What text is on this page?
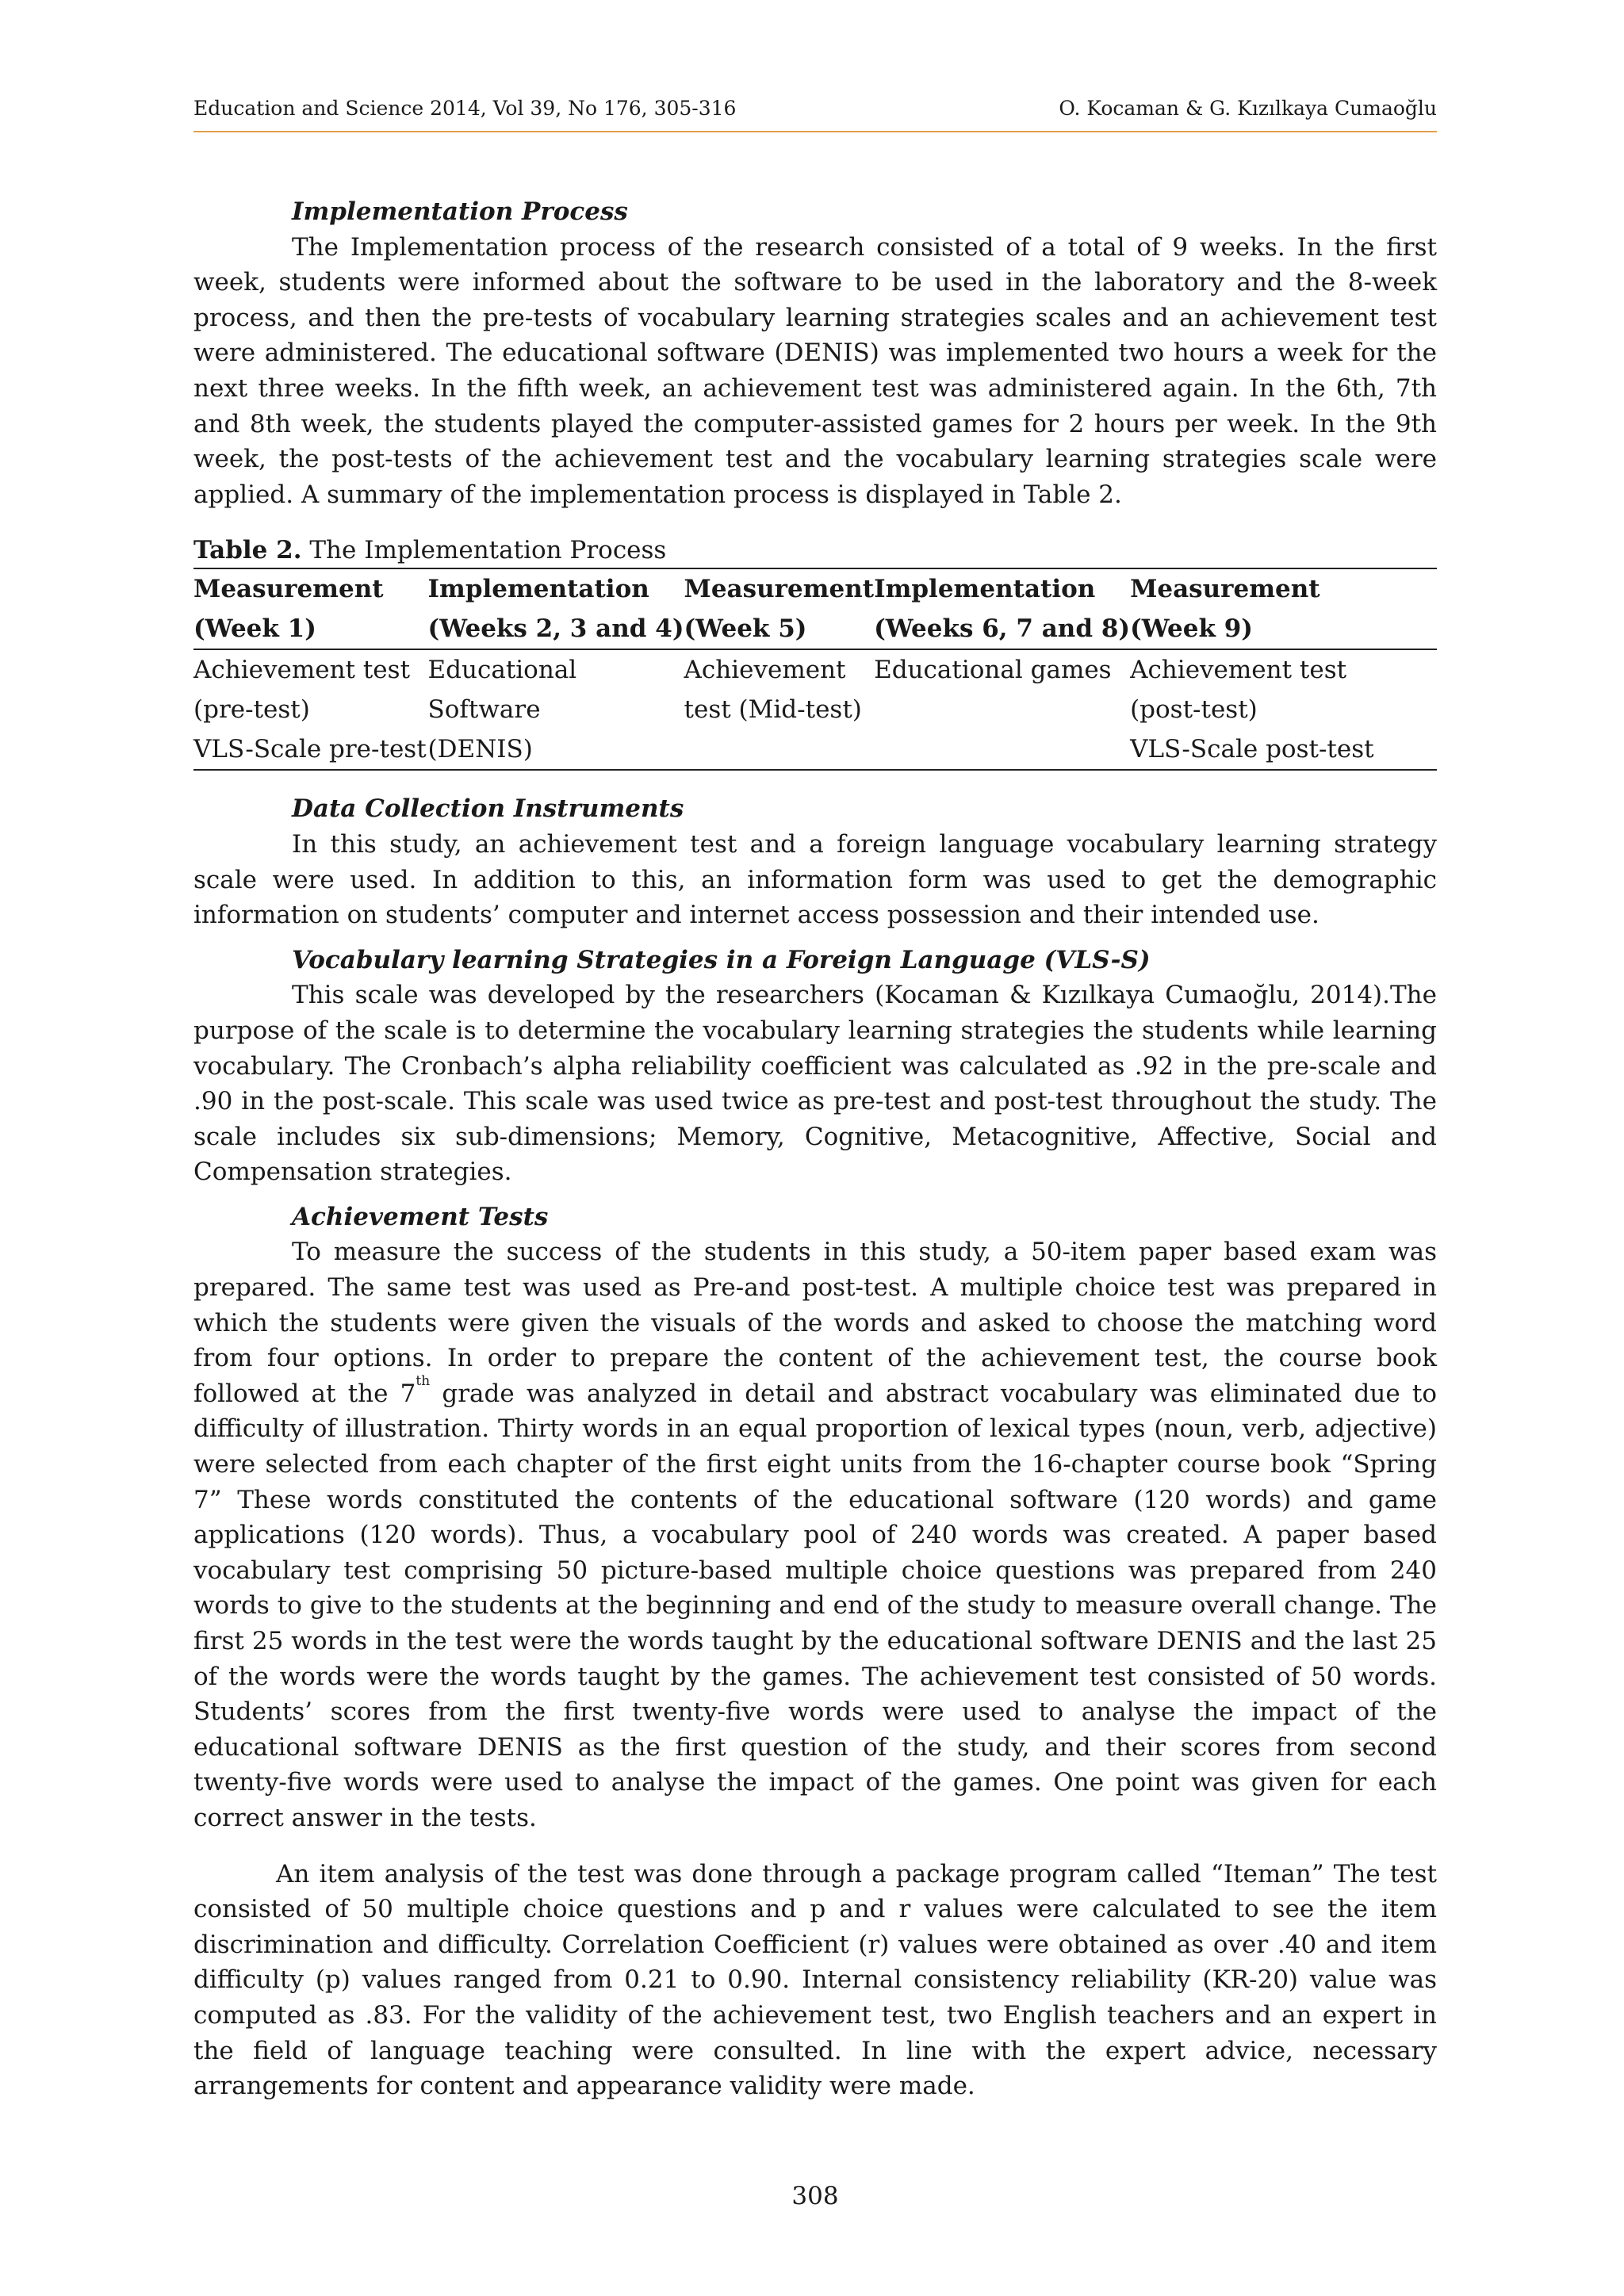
Education and Science 2014, Vol 39, No 176, 305-316	O. Kocaman & G. Kızılkaya Cumaoğlu
Implementation Process

The Implementation process of the research consisted of a total of 9 weeks. In the first week, students were informed about the software to be used in the laboratory and the 8-week process, and then the pre-tests of vocabulary learning strategies scales and an achievement test were administered. The educational software (DENIS) was implemented two hours a week for the next three weeks. In the fifth week, an achievement test was administered again. In the 6th, 7th and 8th week, the students played the computer-assisted games for 2 hours per week. In the 9th week, the post-tests of the achievement test and the vocabulary learning strategies scale were applied. A summary of the implementation process is displayed in Table 2.

Table 2. The Implementation Process
Measurement	Implementation	Measurement	Implementation	Measurement
(Week 1)	(Weeks 2, 3 and 4)	(Week 5)	(Weeks 6, 7 and 8)	(Week 9)
Achievement test	Educational	Achievement	Educational games	Achievement test
(pre-test)	Software	test (Mid-test)		(post-test)
VLS-Scale pre-test	(DENIS)			VLS-Scale post-test
Data Collection Instruments

In this study, an achievement test and a foreign language vocabulary learning strategy scale were used. In addition to this, an information form was used to get the demographic information on students’ computer and internet access possession and their intended use.

Vocabulary learning Strategies in a Foreign Language (VLS-S)

This scale was developed by the researchers (Kocaman & Kızılkaya Cumaoğlu, 2014).The purpose of the scale is to determine the vocabulary learning strategies the students while learning vocabulary. The Cronbach’s alpha reliability coefficient was calculated as .92 in the pre-scale and .90 in the post-scale. This scale was used twice as pre-test and post-test throughout the study. The scale includes six sub-dimensions; Memory, Cognitive, Metacognitive, Affective, Social and Compensation strategies.

Achievement Tests

To measure the success of the students in this study, a 50-item paper based exam was prepared. The same test was used as Pre-and post-test. A multiple choice test was prepared in which the students were given the visuals of the words and asked to choose the matching word from four options. In order to prepare the content of the achievement test, the course book followed at the 7th grade was analyzed in detail and abstract vocabulary was eliminated due to difficulty of illustration. Thirty words in an equal proportion of lexical types (noun, verb, adjective) were selected from each chapter of the first eight units from the 16-chapter course book “Spring 7” These words constituted the contents of the educational software (120 words) and game applications (120 words). Thus, a vocabulary pool of 240 words was created. A paper based vocabulary test comprising 50 picture-based multiple choice questions was prepared from 240 words to give to the students at the beginning and end of the study to measure overall change. The first 25 words in the test were the words taught by the educational software DENIS and the last 25 of the words were the words taught by the games. The achievement test consisted of 50 words. Students’ scores from the first twenty-five words were used to analyse the impact of the educational software DENIS as the first question of the study, and their scores from second twenty-five words were used to analyse the impact of the games. One point was given for each correct answer in the tests.

An item analysis of the test was done through a package program called “Iteman” The test consisted of 50 multiple choice questions and p and r values were calculated to see the item discrimination and difficulty. Correlation Coefficient (r) values were obtained as over .40 and item difficulty (p) values ranged from 0.21 to 0.90. Internal consistency reliability (KR-20) value was computed as .83. For the validity of the achievement test, two English teachers and an expert in the field of language teaching were consulted. In line with the expert advice, necessary arrangements for content and appearance validity were made.

308
